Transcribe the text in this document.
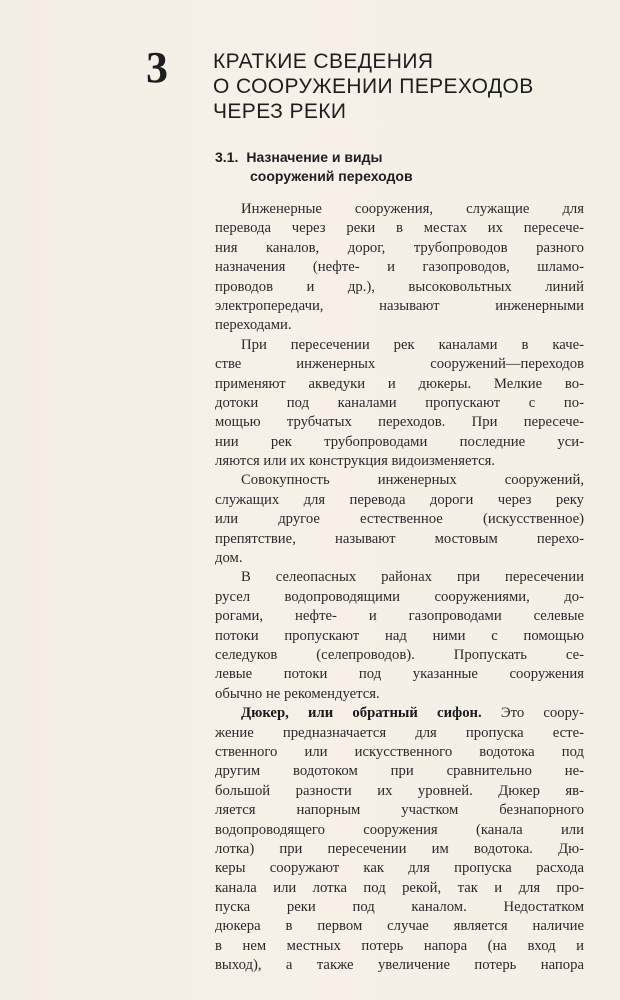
3 КРАТКИЕ СВЕДЕНИЯ
О СООРУЖЕНИИ ПЕРЕХОДОВ
ЧЕРЕЗ РЕКИ
3.1. Назначение и виды
сооружений переходов
Инженерные сооружения, служащие для
перевода через реки в местах их пересече-
ния каналов, дорог, трубопроводов разного
назначения (нефте- и газопроводов, шламо-
проводов и др.), высоковольтных линий
электропередачи, называют инженерными
переходами.
При пересечении рек каналами в каче-
стве инженерных сооружений—переходов
применяют акведуки и дюкеры. Мелкие во-
дотоки под каналами пропускают с по-
мощью трубчатых переходов. При пересече-
нии рек трубопроводами последние уси-
ляются или их конструкция видоизменяется.
Совокупность инженерных сооружений,
служащих для перевода дороги через реку
или другое естественное (искусственное)
препятствие, называют мостовым перехо-
дом.
В селеопасных районах при пересечении
русел водопроводящими сооружениями, до-
рогами, нефте- и газопроводами селевые
потоки пропускают над ними с помощью
селедуков (селепроводов). Пропускать се-
левые потоки под указанные сооружения
обычно не рекомендуется.
Дюкер, или обратный сифон. Это соору-
жение предназначается для пропуска есте-
ственного или искусственного водотока под
другим водотоком при сравнительно не-
большой разности их уровней. Дюкер яв-
ляется напорным участком безнапорного
водопроводящего сооружения (канала или
лотка) при пересечении им водотока. Дю-
керы сооружают как для пропуска расхода
канала или лотка под рекой, так и для про-
пуска реки под каналом. Недостатком
дюкера в первом случае является наличие
в нем местных потерь напора (на вход и
выход), а также увеличение потерь напора
